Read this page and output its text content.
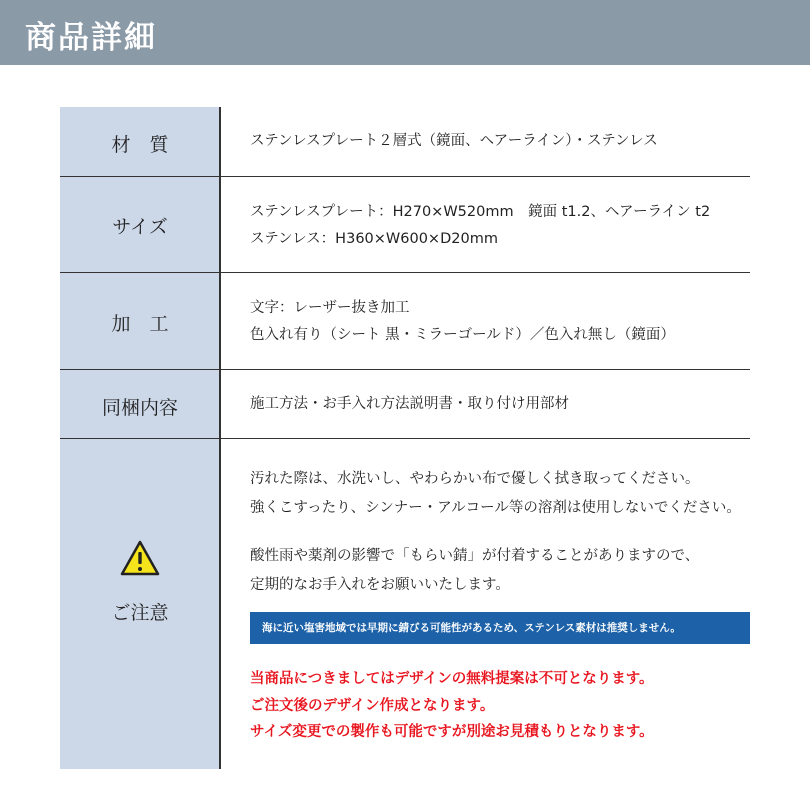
商品詳細
材　質	ステンレスプレート２層式（鏡面、ヘアーライン）・ステンレス
サイズ
ステンレスプレート：H270×W520mm　鏡面 t1.2、ヘアーライン t2
ステンレス：H360×W600×D20mm
加　工
文字：レーザー抜き加工
色入れ有り（シート 黒・ミラーゴールド）／色入れ無し（鏡面）
同梱内容	施工方法・お手入れ方法説明書・取り付け用部材
ご注意
汚れた際は、水洗いし、やわらかい布で優しく拭き取ってください。
強くこすったり、シンナー・アルコール等の溶剤は使用しないでください。
酸性雨や薬剤の影響で「もらい錆」が付着することがありますので、
定期的なお手入れをお願いいたします。
海に近い塩害地域では早期に錆びる可能性があるため、ステンレス素材は推奨しません。
当商品につきましてはデザインの無料提案は不可となります。
ご注文後のデザイン作成となります。
サイズ変更での製作も可能ですが別途お見積もりとなります。
